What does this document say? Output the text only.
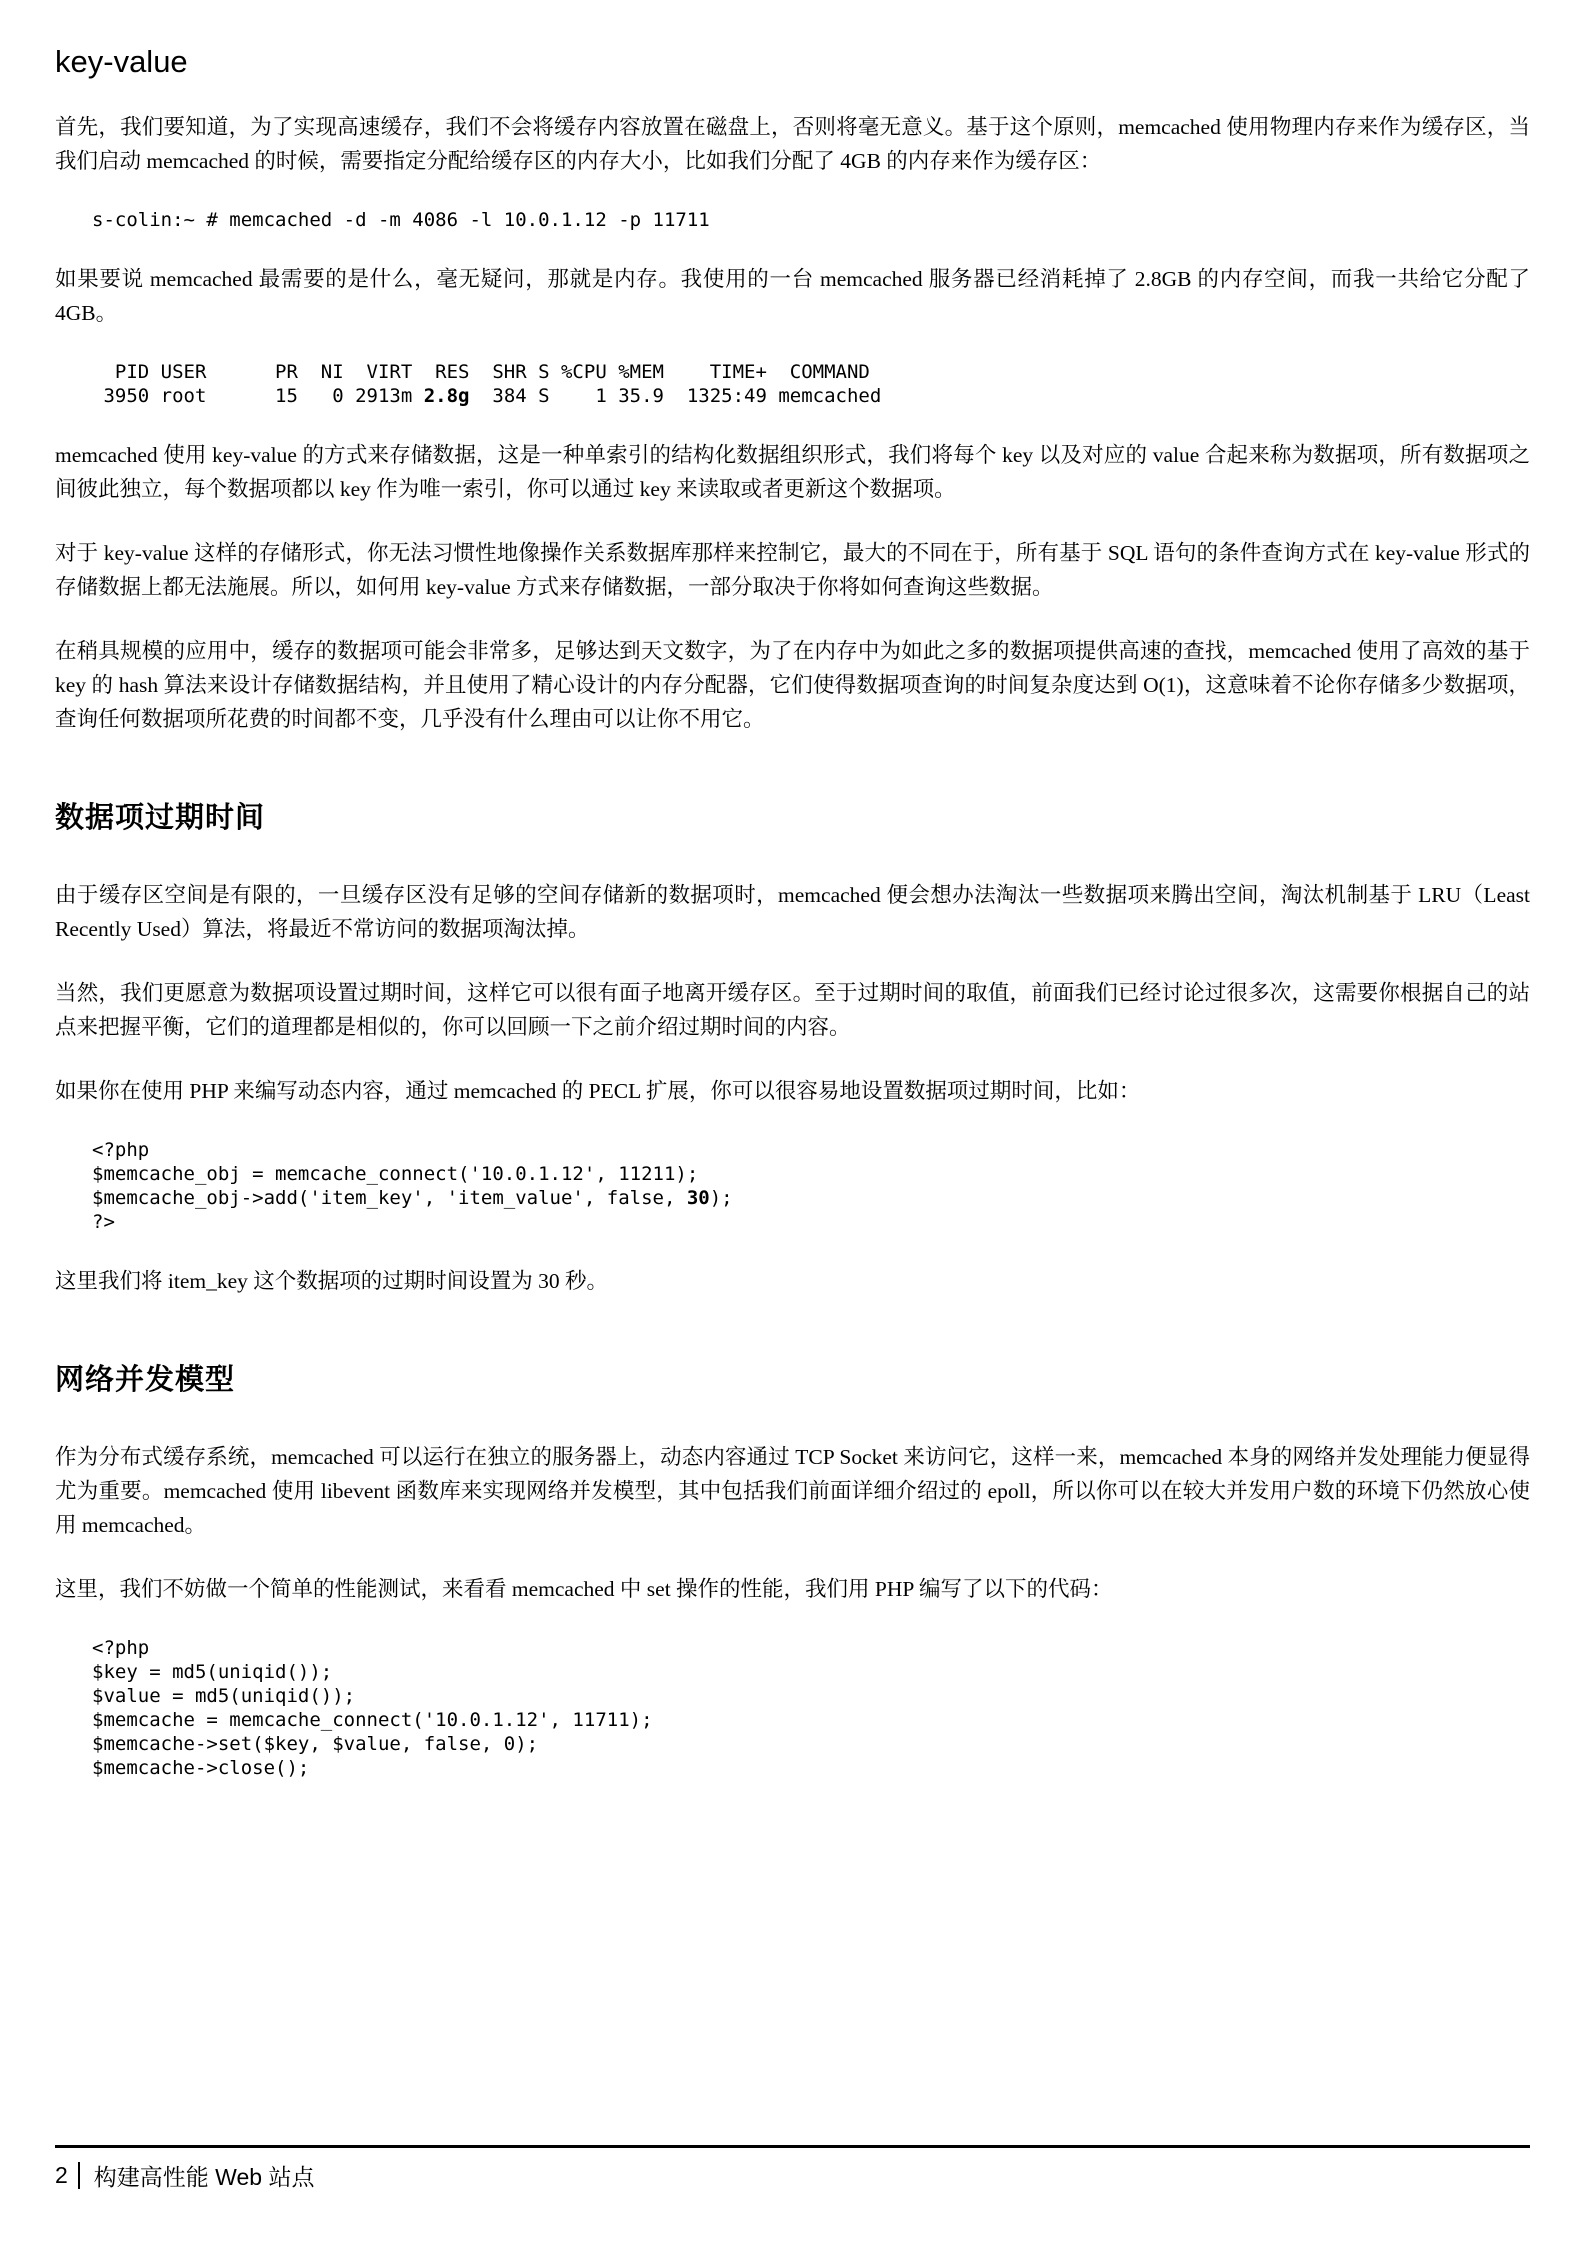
key-value

首先，我们要知道，为了实现高速缓存，我们不会将缓存内容放置在磁盘上，否则将毫无意义。基于这个原则，memcached 使用物理内存来作为缓存区，当我们启动 memcached 的时候，需要指定分配给缓存区的内存大小，比如我们分配了 4GB 的内存来作为缓存区：

s-colin:~ # memcached -d -m 4086 -l 10.0.1.12 -p 11711

如果要说 memcached 最需要的是什么，毫无疑问，那就是内存。我使用的一台 memcached 服务器已经消耗掉了 2.8GB 的内存空间，而我一共给它分配了 4GB。

PID USER      PR  NI  VIRT  RES  SHR S %CPU %MEM    TIME+  COMMAND
3950 root      15   0 2913m 2.8g  384 S    1 35.9  1325:49 memcached

memcached 使用 key-value 的方式来存储数据，这是一种单索引的结构化数据组织形式，我们将每个 key 以及对应的 value 合起来称为数据项，所有数据项之间彼此独立，每个数据项都以 key 作为唯一索引，你可以通过 key 来读取或者更新这个数据项。

对于 key-value 这样的存储形式，你无法习惯性地像操作关系数据库那样来控制它，最大的不同在于，所有基于 SQL 语句的条件查询方式在 key-value 形式的存储数据上都无法施展。所以，如何用 key-value 方式来存储数据，一部分取决于你将如何查询这些数据。

在稍具规模的应用中，缓存的数据项可能会非常多，足够达到天文数字，为了在内存中为如此之多的数据项提供高速的查找，memcached 使用了高效的基于 key 的 hash 算法来设计存储数据结构，并且使用了精心设计的内存分配器，它们使得数据项查询的时间复杂度达到 O(1)，这意味着不论你存储多少数据项，查询任何数据项所花费的时间都不变，几乎没有什么理由可以让你不用它。

数据项过期时间

由于缓存区空间是有限的，一旦缓存区没有足够的空间存储新的数据项时，memcached 便会想办法淘汰一些数据项来腾出空间，淘汰机制基于 LRU（Least Recently Used）算法，将最近不常访问的数据项淘汰掉。

当然，我们更愿意为数据项设置过期时间，这样它可以很有面子地离开缓存区。至于过期时间的取值，前面我们已经讨论过很多次，这需要你根据自己的站点来把握平衡，它们的道理都是相似的，你可以回顾一下之前介绍过期时间的内容。

如果你在使用 PHP 来编写动态内容，通过 memcached 的 PECL 扩展，你可以很容易地设置数据项过期时间，比如：

<?php
$memcache_obj = memcache_connect('10.0.1.12', 11211);
$memcache_obj->add('item_key', 'item_value', false, 30);
?>

这里我们将 item_key 这个数据项的过期时间设置为 30 秒。

网络并发模型

作为分布式缓存系统，memcached 可以运行在独立的服务器上，动态内容通过 TCP Socket 来访问它，这样一来，memcached 本身的网络并发处理能力便显得尤为重要。memcached 使用 libevent 函数库来实现网络并发模型，其中包括我们前面详细介绍过的 epoll，所以你可以在较大并发用户数的环境下仍然放心使用 memcached。

这里，我们不妨做一个简单的性能测试，来看看 memcached 中 set 操作的性能，我们用 PHP 编写了以下的代码：

<?php
$key = md5(uniqid());
$value = md5(uniqid());
$memcache = memcache_connect('10.0.1.12', 11711);
$memcache->set($key, $value, false, 0);
$memcache->close();
2 构建高性能 Web 站点
